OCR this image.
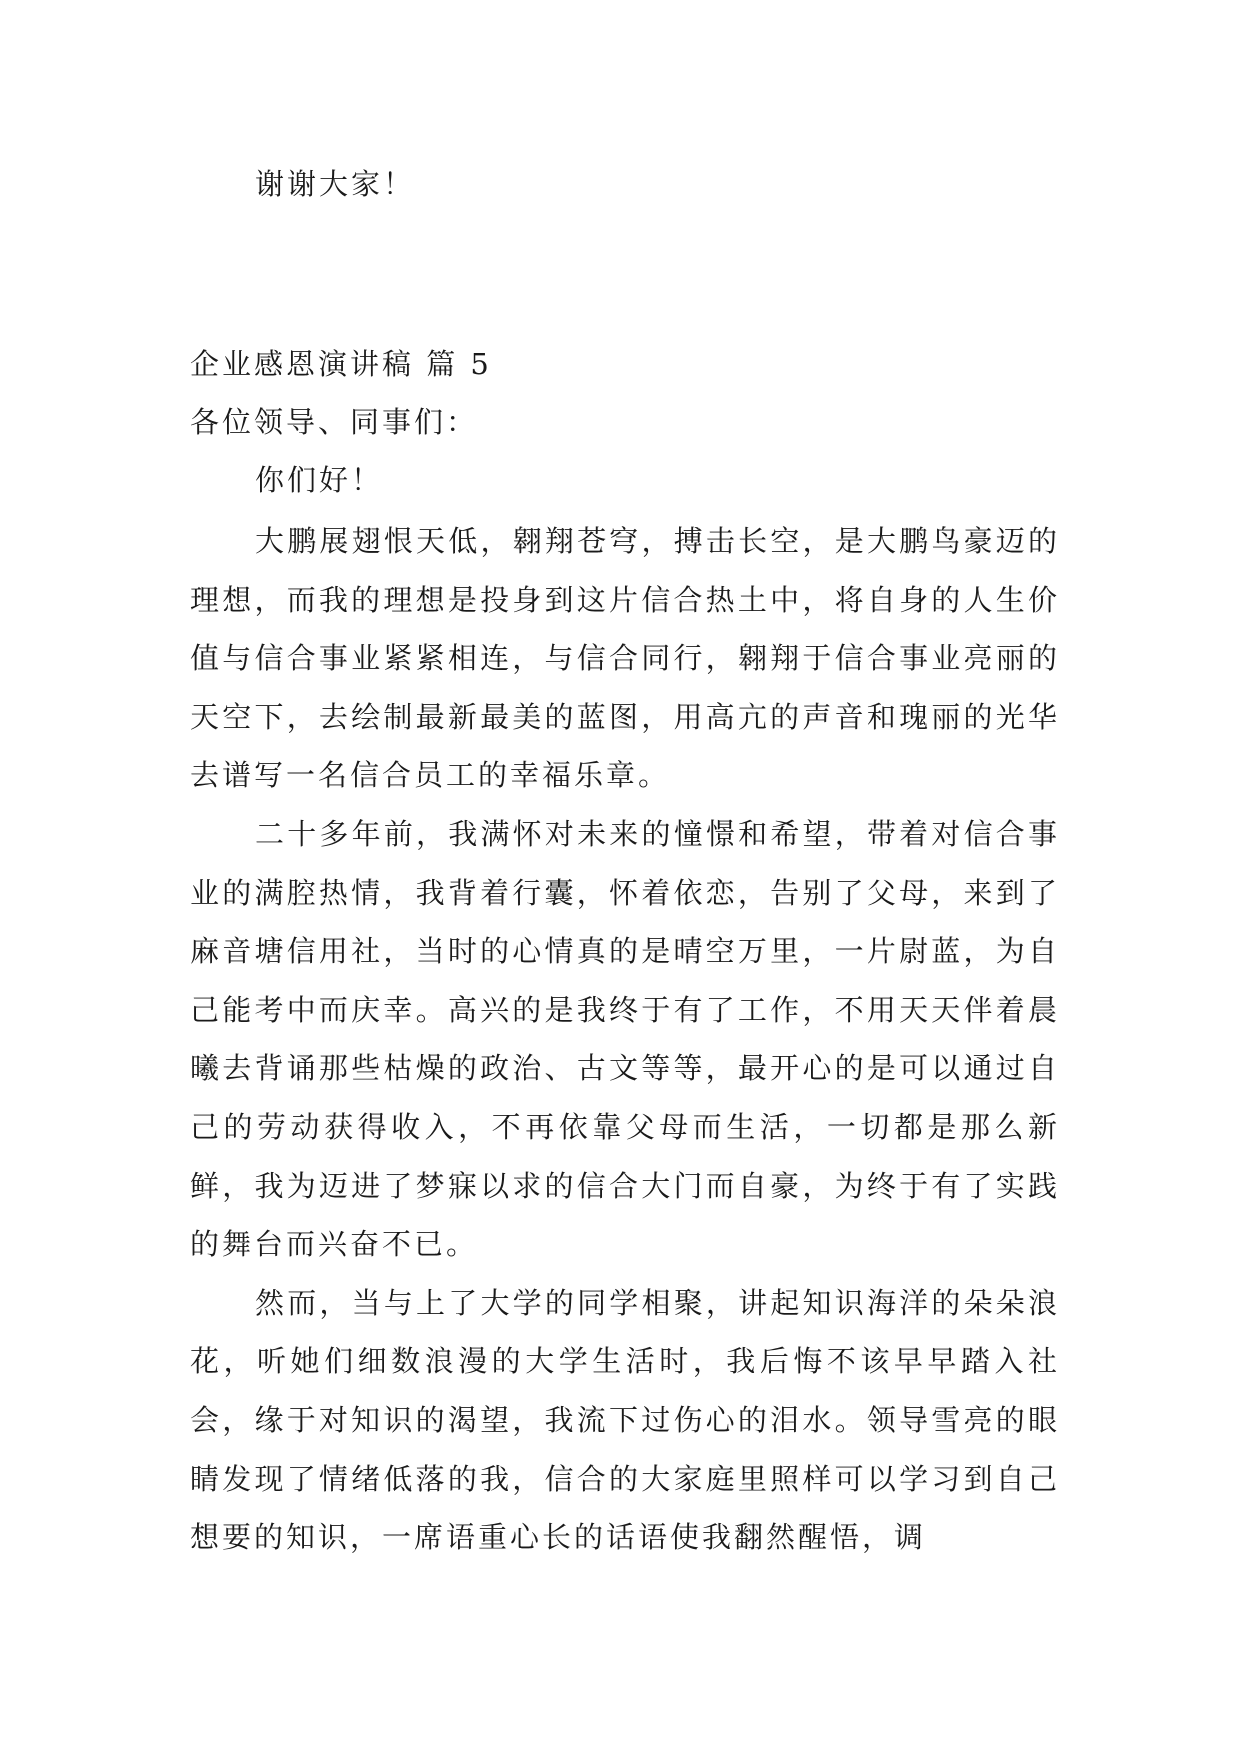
谢谢大家！
企业感恩演讲稿 篇 5
各位领导、同事们：
你们好！

大鹏展翅恨天低，翱翔苍穹，搏击长空，是大鹏鸟豪迈的理想，而我的理想是投身到这片信合热土中，将自身的人生价值与信合事业紧紧相连，与信合同行，翱翔于信合事业亮丽的天空下，去绘制最新最美的蓝图，用高亢的声音和瑰丽的光华去谱写一名信合员工的幸福乐章。

二十多年前，我满怀对未来的憧憬和希望，带着对信合事业的满腔热情，我背着行囊，怀着依恋，告别了父母，来到了麻音塘信用社，当时的心情真的是晴空万里，一片尉蓝，为自己能考中而庆幸。高兴的是我终于有了工作，不用天天伴着晨曦去背诵那些枯燥的政治、古文等等，最开心的是可以通过自己的劳动获得收入，不再依靠父母而生活，一切都是那么新鲜，我为迈进了梦寐以求的信合大门而自豪，为终于有了实践的舞台而兴奋不已。

然而，当与上了大学的同学相聚，讲起知识海洋的朵朵浪花，听她们细数浪漫的大学生活时，我后悔不该早早踏入社会，缘于对知识的渴望，我流下过伤心的泪水。领导雪亮的眼睛发现了情绪低落的我，信合的大家庭里照样可以学习到自己想要的知识，一席语重心长的话语使我翻然醒悟，调
